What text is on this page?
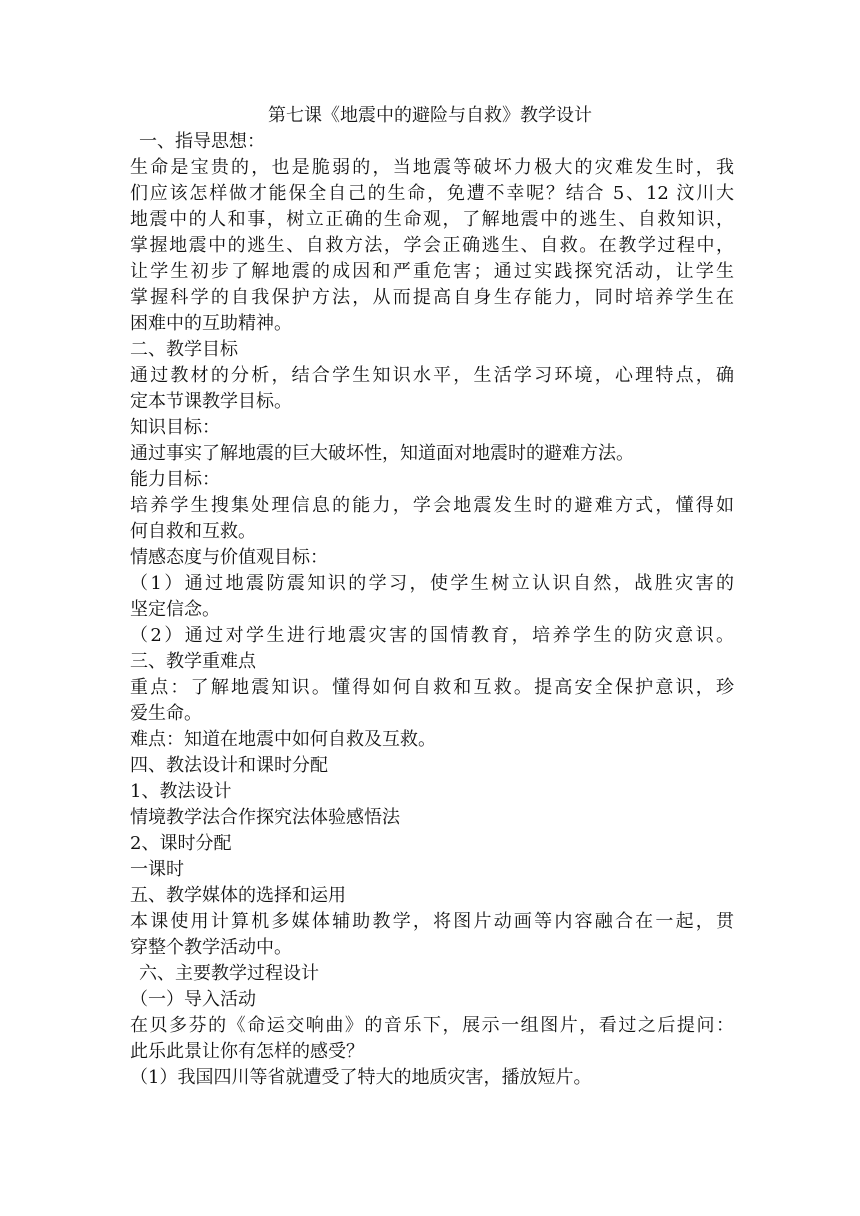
第七课《地震中的避险与自救》教学设计
一、指导思想：
生命是宝贵的，也是脆弱的，当地震等破坏力极大的灾难发生时，我
们应该怎样做才能保全自己的生命，免遭不幸呢？结合 5、12 汶川大
地震中的人和事，树立正确的生命观，了解地震中的逃生、自救知识，
掌握地震中的逃生、自救方法，学会正确逃生、自救。在教学过程中，
让学生初步了解地震的成因和严重危害；通过实践探究活动，让学生
掌握科学的自我保护方法，从而提高自身生存能力，同时培养学生在
困难中的互助精神。
二、教学目标
通过教材的分析，结合学生知识水平，生活学习环境，心理特点，确
定本节课教学目标。
知识目标：
通过事实了解地震的巨大破坏性，知道面对地震时的避难方法。
能力目标：
培养学生搜集处理信息的能力，学会地震发生时的避难方式，懂得如
何自救和互救。
情感态度与价值观目标：
（1）通过地震防震知识的学习，使学生树立认识自然，战胜灾害的
坚定信念。
（2）通过对学生进行地震灾害的国情教育，培养学生的防灾意识。
三、教学重难点
重点：了解地震知识。懂得如何自救和互救。提高安全保护意识，珍
爱生命。
难点：知道在地震中如何自救及互救。
四、教法设计和课时分配
1、教法设计
情境教学法合作探究法体验感悟法
2、课时分配
一课时
五、教学媒体的选择和运用
本课使用计算机多媒体辅助教学，将图片动画等内容融合在一起，贯
穿整个教学活动中。
六、主要教学过程设计
（一）导入活动
在贝多芬的《命运交响曲》的音乐下，展示一组图片，看过之后提问：
此乐此景让你有怎样的感受？
（1）我国四川等省就遭受了特大的地质灾害，播放短片。
